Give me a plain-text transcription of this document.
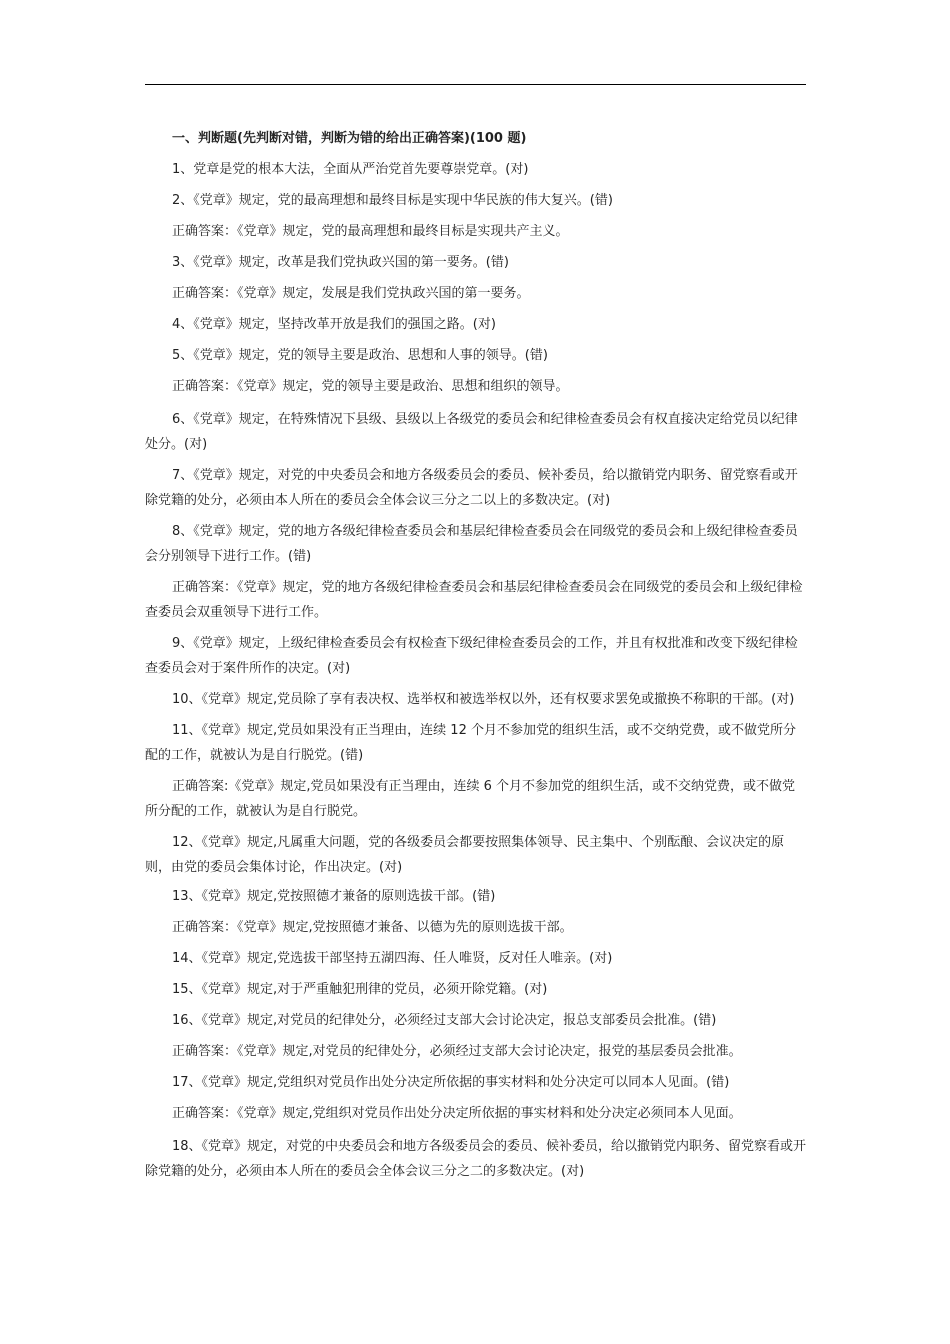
一、判断题(先判断对错，判断为错的给出正确答案)(100 题)
1、党章是党的根本大法，全面从严治党首先要尊崇党章。(对)
2、《党章》规定，党的最高理想和最终目标是实现中华民族的伟大复兴。(错)
正确答案：《党章》规定，党的最高理想和最终目标是实现共产主义。
3、《党章》规定，改革是我们党执政兴国的第一要务。(错)
正确答案：《党章》规定，发展是我们党执政兴国的第一要务。
4、《党章》规定，坚持改革开放是我们的强国之路。(对)
5、《党章》规定，党的领导主要是政治、思想和人事的领导。(错)
正确答案：《党章》规定，党的领导主要是政治、思想和组织的领导。
6、《党章》规定，在特殊情况下县级、县级以上各级党的委员会和纪律检查委员会有权直接决定给党员以纪律处分。(对)
7、《党章》规定，对党的中央委员会和地方各级委员会的委员、候补委员，给以撤销党内职务、留党察看或开除党籍的处分，必须由本人所在的委员会全体会议三分之二以上的多数决定。(对)
8、《党章》规定，党的地方各级纪律检查委员会和基层纪律检查委员会在同级党的委员会和上级纪律检查委员会分别领导下进行工作。(错)
正确答案：《党章》规定，党的地方各级纪律检查委员会和基层纪律检查委员会在同级党的委员会和上级纪律检查委员会双重领导下进行工作。
9、《党章》规定，上级纪律检查委员会有权检查下级纪律检查委员会的工作，并且有权批准和改变下级纪律检查委员会对于案件所作的决定。(对)
10、《党章》规定,党员除了享有表决权、选举权和被选举权以外，还有权要求罢免或撤换不称职的干部。(对)
11、《党章》规定,党员如果没有正当理由，连续 12 个月不参加党的组织生活，或不交纳党费，或不做党所分配的工作，就被认为是自行脱党。(错)
正确答案:《党章》规定,党员如果没有正当理由，连续 6 个月不参加党的组织生活，或不交纳党费，或不做党所分配的工作，就被认为是自行脱党。
12、《党章》规定,凡属重大问题，党的各级委员会都要按照集体领导、民主集中、个别酝酿、会议决定的原则，由党的委员会集体讨论，作出决定。(对)
13、《党章》规定,党按照德才兼备的原则选拔干部。(错)
正确答案：《党章》规定,党按照德才兼备、以德为先的原则选拔干部。
14、《党章》规定,党选拔干部坚持五湖四海、任人唯贤，反对任人唯亲。(对)
15、《党章》规定,对于严重触犯刑律的党员，必须开除党籍。(对)
16、《党章》规定,对党员的纪律处分，必须经过支部大会讨论决定，报总支部委员会批准。(错)
正确答案：《党章》规定,对党员的纪律处分，必须经过支部大会讨论决定，报党的基层委员会批准。
17、《党章》规定,党组织对党员作出处分决定所依据的事实材料和处分决定可以同本人见面。(错)
正确答案：《党章》规定,党组织对党员作出处分决定所依据的事实材料和处分决定必须同本人见面。
18、《党章》规定，对党的中央委员会和地方各级委员会的委员、候补委员，给以撤销党内职务、留党察看或开除党籍的处分，必须由本人所在的委员会全体会议三分之二的多数决定。(对)
